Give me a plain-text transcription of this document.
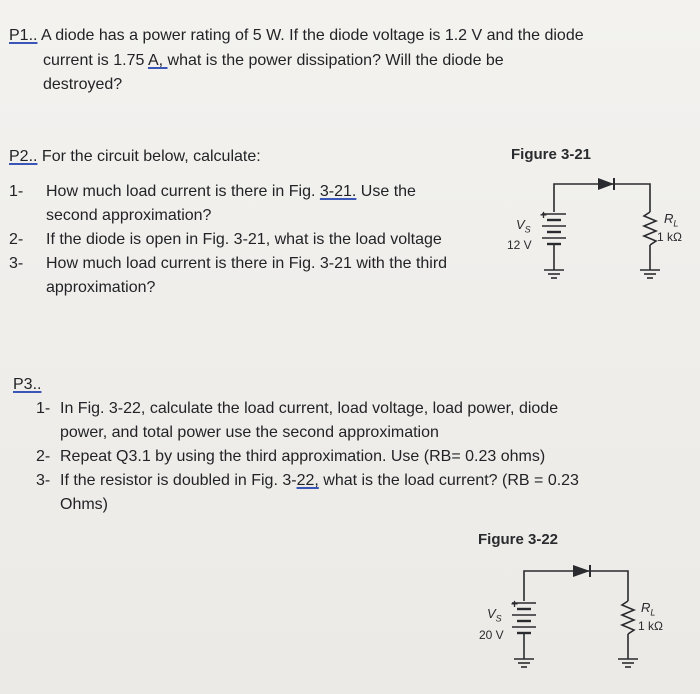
P1.. A diode has a power rating of 5 W. If the diode voltage is 1.2 V and the diode
current is 1.75 A, what is the power dissipation? Will the diode be
destroyed?
P2.. For the circuit below, calculate:
1- How much load current is there in Fig. 3-21. Use the
second approximation?
2- If the diode is open in Fig. 3-21, what is the load voltage
3- How much load current is there in Fig. 3-21 with the third
approximation?
Figure 3-21
+
$V_S$
12 V
$R_L$
1 kΩ
P3..
1- In Fig. 3-22, calculate the load current, load voltage, load power, diode
power, and total power use the second approximation
2- Repeat Q3.1 by using the third approximation. Use (RB= 0.23 ohms)
3- If the resistor is doubled in Fig. 3-22, what is the load current? (RB = 0.23
Ohms)
Figure 3-22
+
$V_S$
20 V
$R_L$
1 kΩ
